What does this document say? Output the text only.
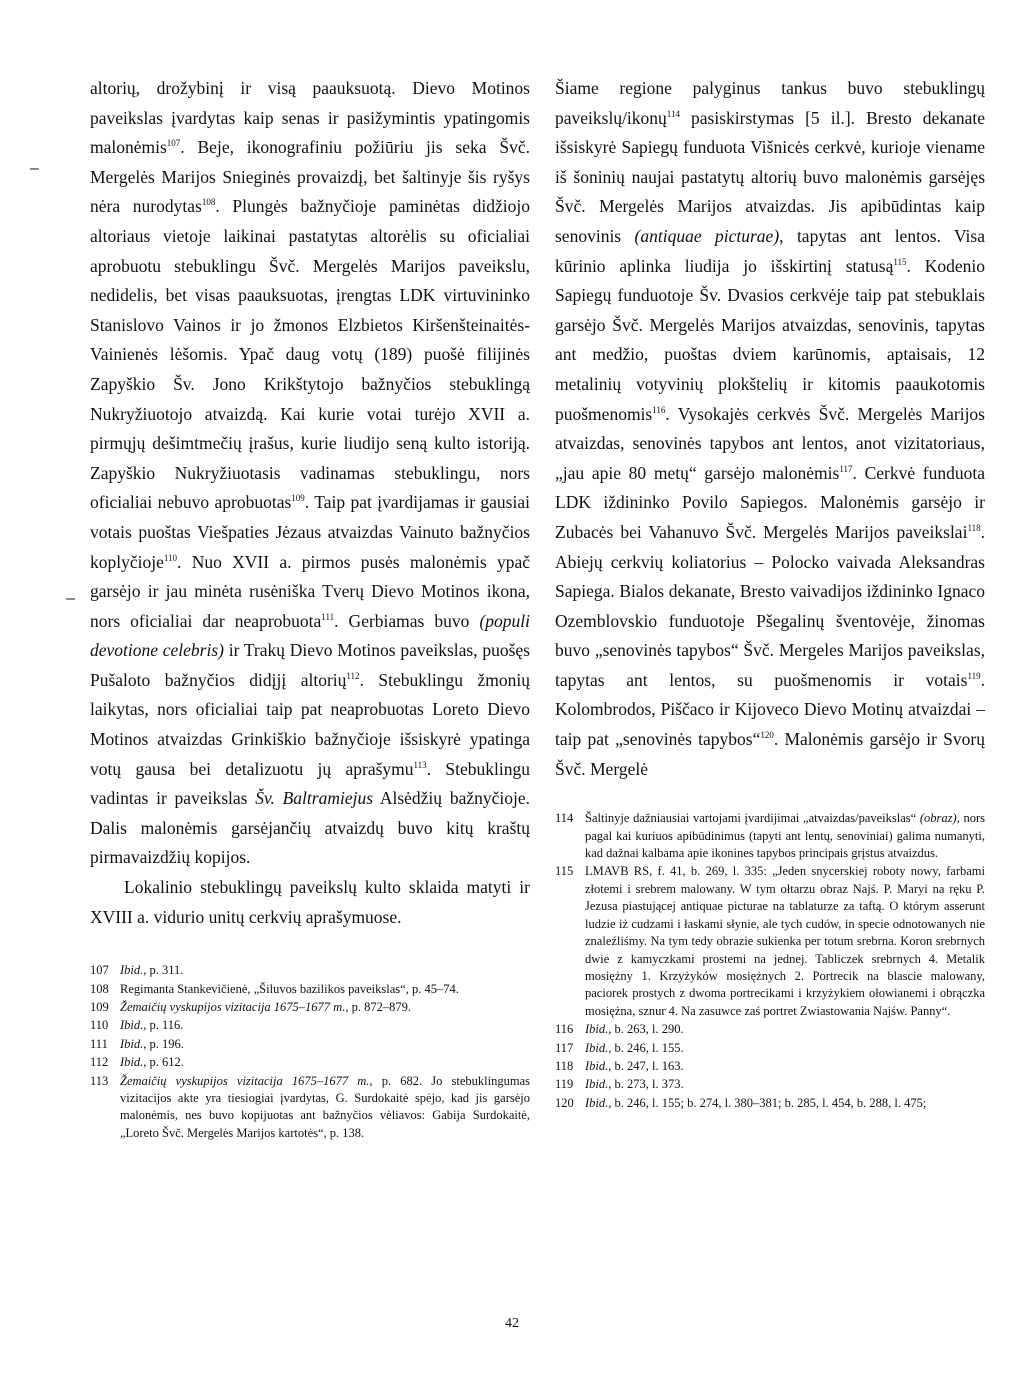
altorių, drožybinį ir visą paauksuotą. Dievo Motinos paveikslas įvardytas kaip senas ir pasižymintis ypatingomis malonėmis$^{107}$. Beje, ikonografiniu požiūriu jis seka Švč. Mergelės Marijos Snieginės provaizdį, bet šaltinyje šis ryšys nėra nurodytas$^{108}$. Plungės bažnyčioje paminėtas didžiojo altoriaus vietoje laikinai pastatytas altorėlis su oficialiai aprobuotu stebuklingu Švč. Mergelės Marijos paveikslu, nedidelis, bet visas paauksuotas, įrengtas LDK virtuvininko Stanislovo Vainos ir jo žmonos Elzbietos Kiršenšteinaitės-Vainienės lėšomis. Ypač daug votų (189) puošė filijinės Zapyškio Šv. Jono Krikštytojo bažnyčios stebuklingą Nukryžiuotojo atvaizdą. Kai kurie votai turėjo XVII a. pirmųjų dešimtmečių įrašus, kurie liudijo seną kulto istoriją. Zapyškio Nukryžiuotasis vadinamas stebuklingu, nors oficialiai nebuvo aprobuotas$^{109}$. Taip pat įvardijamas ir gausiai votais puoštas Viešpaties Jėzaus atvaizdas Vainuto bažnyčios koplyčioje$^{110}$. Nuo XVII a. pirmos pusės malonėmis ypač garsėjo ir jau minėta rusėniška Tverų Dievo Motinos ikona, nors oficialiai dar neaprobuota$^{111}$. Gerbiamas buvo (populi devotione celebris) ir Trakų Dievo Motinos paveikslas, puošęs Pušaloto bažnyčios didįjį altorių$^{112}$. Stebuklingu žmonių laikytas, nors oficialiai taip pat neaprobuotas Loreto Dievo Motinos atvaizdas Grinkiškio bažnyčioje išsiskyrė ypatinga votų gausa bei detalizuotu jų aprašymu$^{113}$. Stebuklingu vadintas ir paveikslas Šv. Baltramiejus Alsėdžių bažnyčioje. Dalis malonėmis garsėjančių atvaizdų buvo kitų kraštų pirmavaizdžių kopijos.

Lokalinio stebuklingų paveikslų kulto sklaida matyti ir XVIII a. vidurio unitų cerkvių aprašymuose.

107 Ibid., p. 311.
108 Regimanta Stankevičienė, „Šiluvos bazilikos paveikslas“, p. 45–74.
109 Žemaičių vyskupijos vizitacija 1675–1677 m., p. 872–879.
110 Ibid., p. 116.
111 Ibid., p. 196.
112 Ibid., p. 612.
113 Žemaičių vyskupijos vizitacija 1675–1677 m., p. 682. Jo stebuklingumas vizitacijos akte yra tiesiogiai įvardytas, G. Surdokaitė spėjo, kad jis garsėjo malonėmis, nes buvo kopijuotas ant bažnyčios vėliavos: Gabija Surdokaitė, „Loreto Švč. Mergelės Marijos kartotės“, p. 138.

Šiame regione palyginus tankus buvo stebuklingų paveikslų/ikonų$^{114}$ pasiskirstymas [5 il.]. Bresto dekanate išsiskyrė Sapiegų funduota Višnicės cerkvė, kurioje viename iš šoninių naujai pastatytų altorių buvo malonėmis garsėjęs Švč. Mergelės Marijos atvaizdas. Jis apibūdintas kaip senovinis (antiquae picturae), tapytas ant lentos. Visa kūrinio aplinka liudija jo išskirtinį statusą$^{115}$. Kodenio Sapiegų funduotoje Šv. Dvasios cerkvėje taip pat stebuklais garsėjo Švč. Mergelės Marijos atvaizdas, senovinis, tapytas ant medžio, puoštas dviem karūnomis, aptaisais, 12 metalinių votyvinių plokštelių ir kitomis paaukotomis puošmenomis$^{116}$. Vysokajės cerkvės Švč. Mergelės Marijos atvaizdas, senovinės tapybos ant lentos, anot vizitatoriaus, „jau apie 80 metų“ garsėjo malonėmis$^{117}$. Cerkvė funduota LDK iždininko Povilo Sapiegos. Malonėmis garsėjo ir Zubacės bei Vahanuvo Švč. Mergelės Marijos paveikslai$^{118}$. Abiejų cerkvių koliatorius – Polocko vaivada Aleksandras Sapiega. Bialos dekanate, Bresto vaivadijos iždininko Ignaco Ozemblovskio funduotoje Pšegalinų šventovėje, žinomas buvo „senovinės tapybos“ Švč. Mergeles Marijos paveikslas, tapytas ant lentos, su puošmenomis ir votais$^{119}$. Kolombrodos, Piščaco ir Kijoveco Dievo Motinų atvaizdai – taip pat „senovinės tapybos“$^{120}$. Malonėmis garsėjo ir Svorų Švč. Mergelė

114 Šaltinyje dažniausiai vartojami įvardijimai „atvaizdas/paveikslas“ (obraz), nors pagal kai kuriuos apibūdinimus (tapyti ant lentų, senoviniai) galima numanyti, kad dažnai kalbama apie ikonines tapybos principais grįstus atvaizdus.
115 LMAVB RS, f. 41, b. 269, l. 335: „Jeden snycerskiej roboty nowy, farbami złotemi i srebrem malowany. W tym ołtarzu obraz Najś. P. Maryi na ręku P. Jezusa piastującej antiquae picturae na tablaturze za taftą. O którym asserunt ludzie iż cudzami i łaskami słynie, ale tych cudów, in specie odnotowanych nie znaleźliśmy. Na tym tedy obrazie sukienka per totum srebrna. Koron srebrnych dwie z kamyczkami prostemi na jednej. Tabliczek srebrnych 4. Metalik mosiężny 1. Krzyżyków mosiężnych 2. Portrecik na blascie malowany, paciorek prostych z dwoma portrecikami i krzyżykiem ołowianemi i obrączka mosiężna, sznur 4. Na zasuwce zaś portret Zwiastowania Najśw. Panny“.
116 Ibid., b. 263, l. 290.
117 Ibid., b. 246, l. 155.
118 Ibid., b. 247, l. 163.
119 Ibid., b. 273, l. 373.
120 Ibid., b. 246, l. 155; b. 274, l. 380–381; b. 285, l. 454, b. 288, l. 475;
–
–
42
